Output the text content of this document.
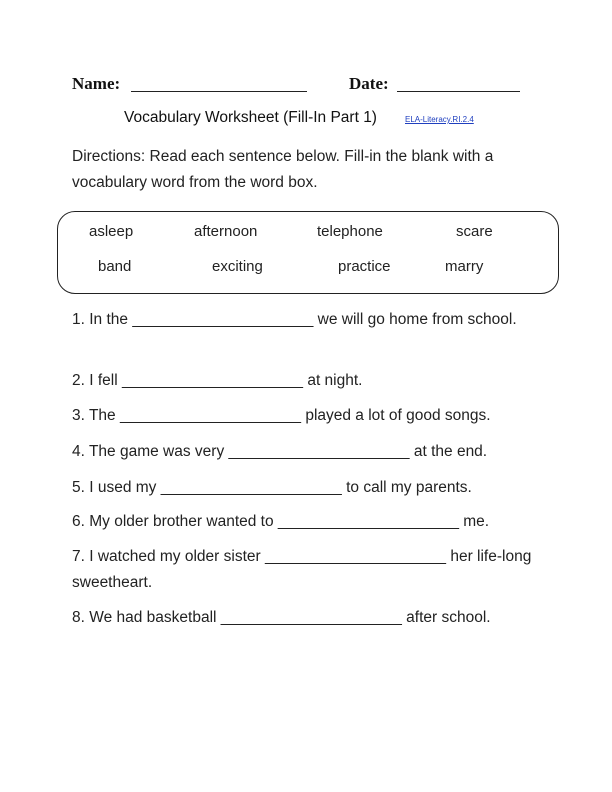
Name:	Date:
Vocabulary Worksheet (Fill-In Part 1)	ELA-Literacy.RI.2.4
Directions: Read each sentence below. Fill-in the blank with a vocabulary word from the word box.
asleep	afternoon	telephone	scare
band	exciting	practice	marry
1. In the _____________________ we will go home from school.
2. I fell _____________________ at night.
3. The _____________________ played a lot of good songs.
4. The game was very _____________________ at the end.
5. I used my _____________________ to call my parents.
6. My older brother wanted to _____________________ me.
7. I watched my older sister _____________________ her life-long sweetheart.
8. We had basketball _____________________ after school.
